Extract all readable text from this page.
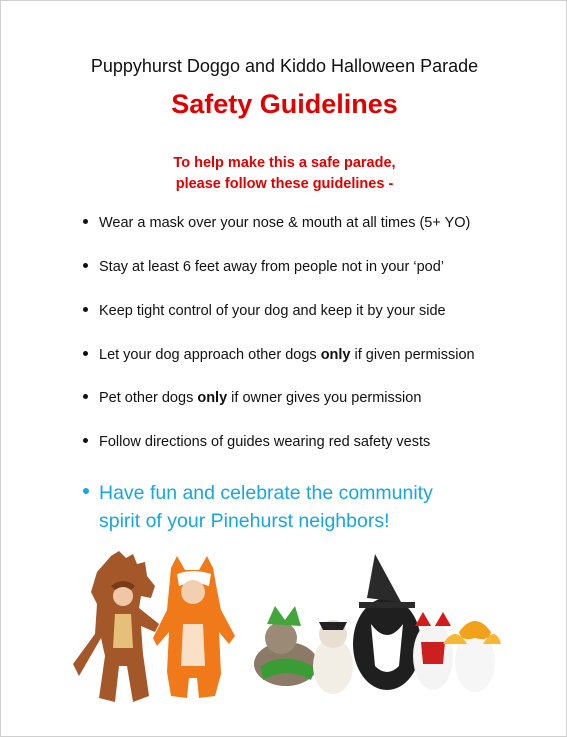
Puppyhurst Doggo and Kiddo Halloween Parade
Safety Guidelines
To help make this a safe parade,
please follow these guidelines -
Wear a mask over your nose & mouth at all times (5+ YO)
Stay at least 6 feet away from people not in your ‘pod’
Keep tight control of your dog and keep it by your side
Let your dog approach other dogs only if given permission
Pet other dogs only if owner gives you permission
Follow directions of guides wearing red safety vests
Have fun and celebrate the community
spirit of your Pinehurst neighbors!
